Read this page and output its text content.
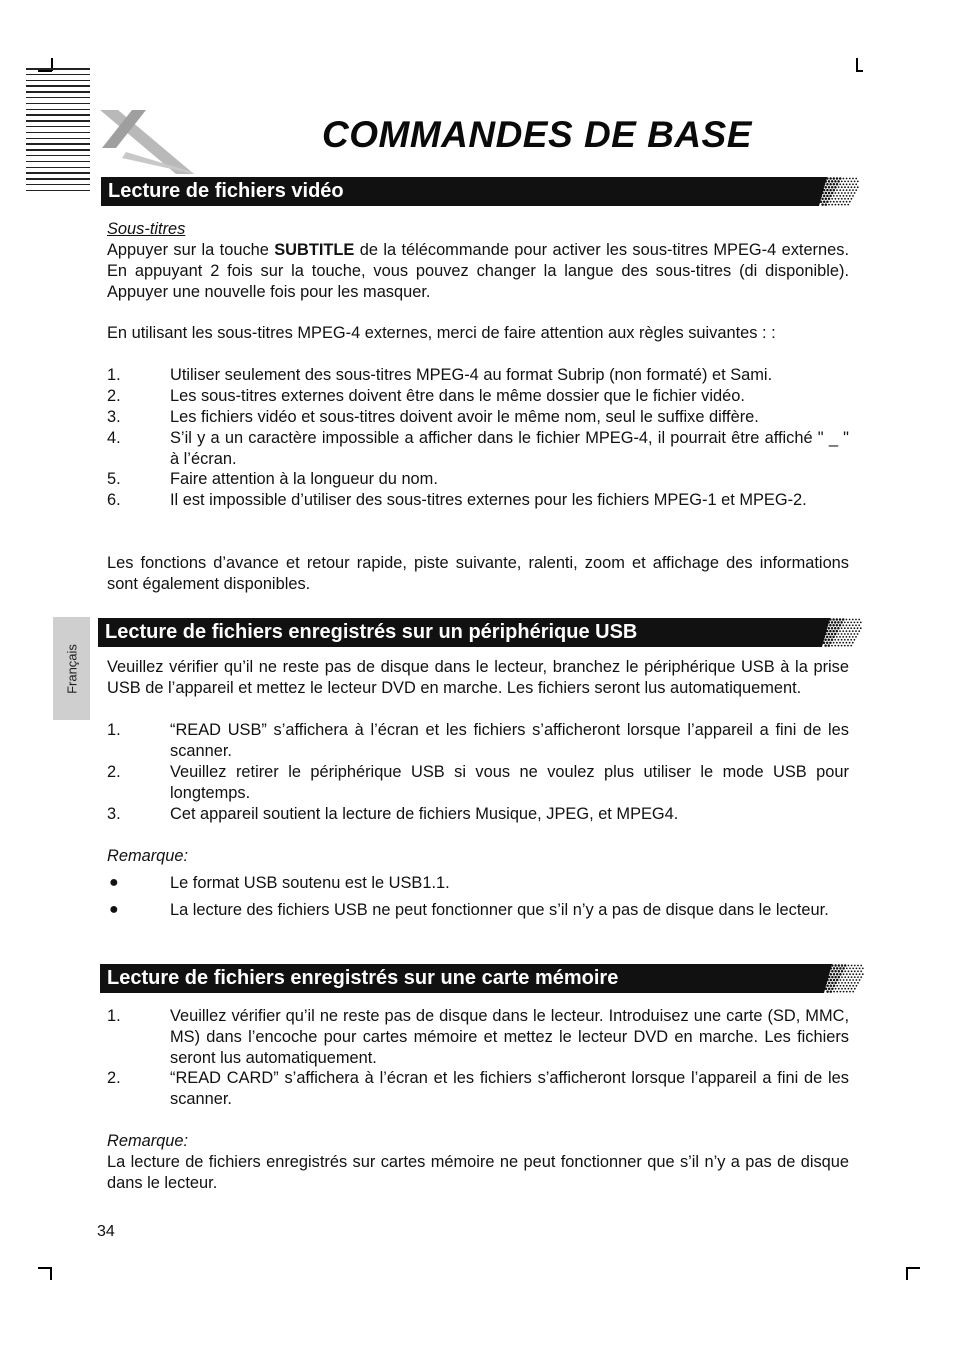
COMMANDES DE BASE
Lecture de fichiers vidéo
Sous-titres
Appuyer sur la touche SUBTITLE de la télécommande pour activer les sous-titres MPEG-4 externes. En appuyant 2 fois sur la touche, vous pouvez changer la langue des sous-titres (di disponible). Appuyer une nouvelle fois pour les masquer.
En utilisant les sous-titres MPEG-4 externes, merci de faire attention aux règles suivantes : :
1.	Utiliser seulement des sous-titres MPEG-4 au format Subrip (non formaté) et Sami.
2.	Les sous-titres externes doivent être dans le même dossier que le fichier vidéo.
3.	Les fichiers vidéo et sous-titres doivent avoir le même nom, seul le suffixe diffère.
4.	S’il y a un caractère impossible a afficher dans le fichier MPEG-4, il pourrait être affiché " _ " à l’écran.
5.	Faire attention à la longueur du nom.
6.	Il est impossible d’utiliser des sous-titres externes pour les fichiers MPEG-1 et MPEG-2.
Les fonctions d’avance et retour rapide, piste suivante, ralenti, zoom et affichage des informations sont également disponibles.
Français
Lecture de fichiers enregistrés sur un périphérique USB
Veuillez vérifier qu’il ne reste pas de disque dans le lecteur, branchez le périphérique USB à la prise USB de l’appareil et mettez le lecteur DVD en marche. Les fichiers seront lus automatiquement.
1.	“READ USB” s’affichera à l’écran et les fichiers s’afficheront lorsque l’appareil a fini de les scanner.
2.	Veuillez retirer le périphérique USB si vous ne voulez plus utiliser le mode USB pour longtemps.
3.	Cet appareil soutient la lecture de fichiers Musique, JPEG, et MPEG4.
Remarque:
●	Le format USB soutenu est le USB1.1.
●	La lecture des fichiers USB ne peut fonctionner que s’il n’y a pas de disque dans le lecteur.
Lecture de fichiers enregistrés sur une carte mémoire
1.	Veuillez vérifier qu’il ne reste pas de disque dans le lecteur. Introduisez une carte (SD, MMC, MS) dans l’encoche pour cartes mémoire et mettez le lecteur DVD en marche. Les fichiers seront lus automatiquement.
2.	“READ CARD” s’affichera à l’écran et les fichiers s’afficheront lorsque l’appareil a fini de les scanner.
Remarque:
La lecture de fichiers enregistrés sur cartes mémoire ne peut fonctionner que s’il n’y a pas de disque dans le lecteur.
34
